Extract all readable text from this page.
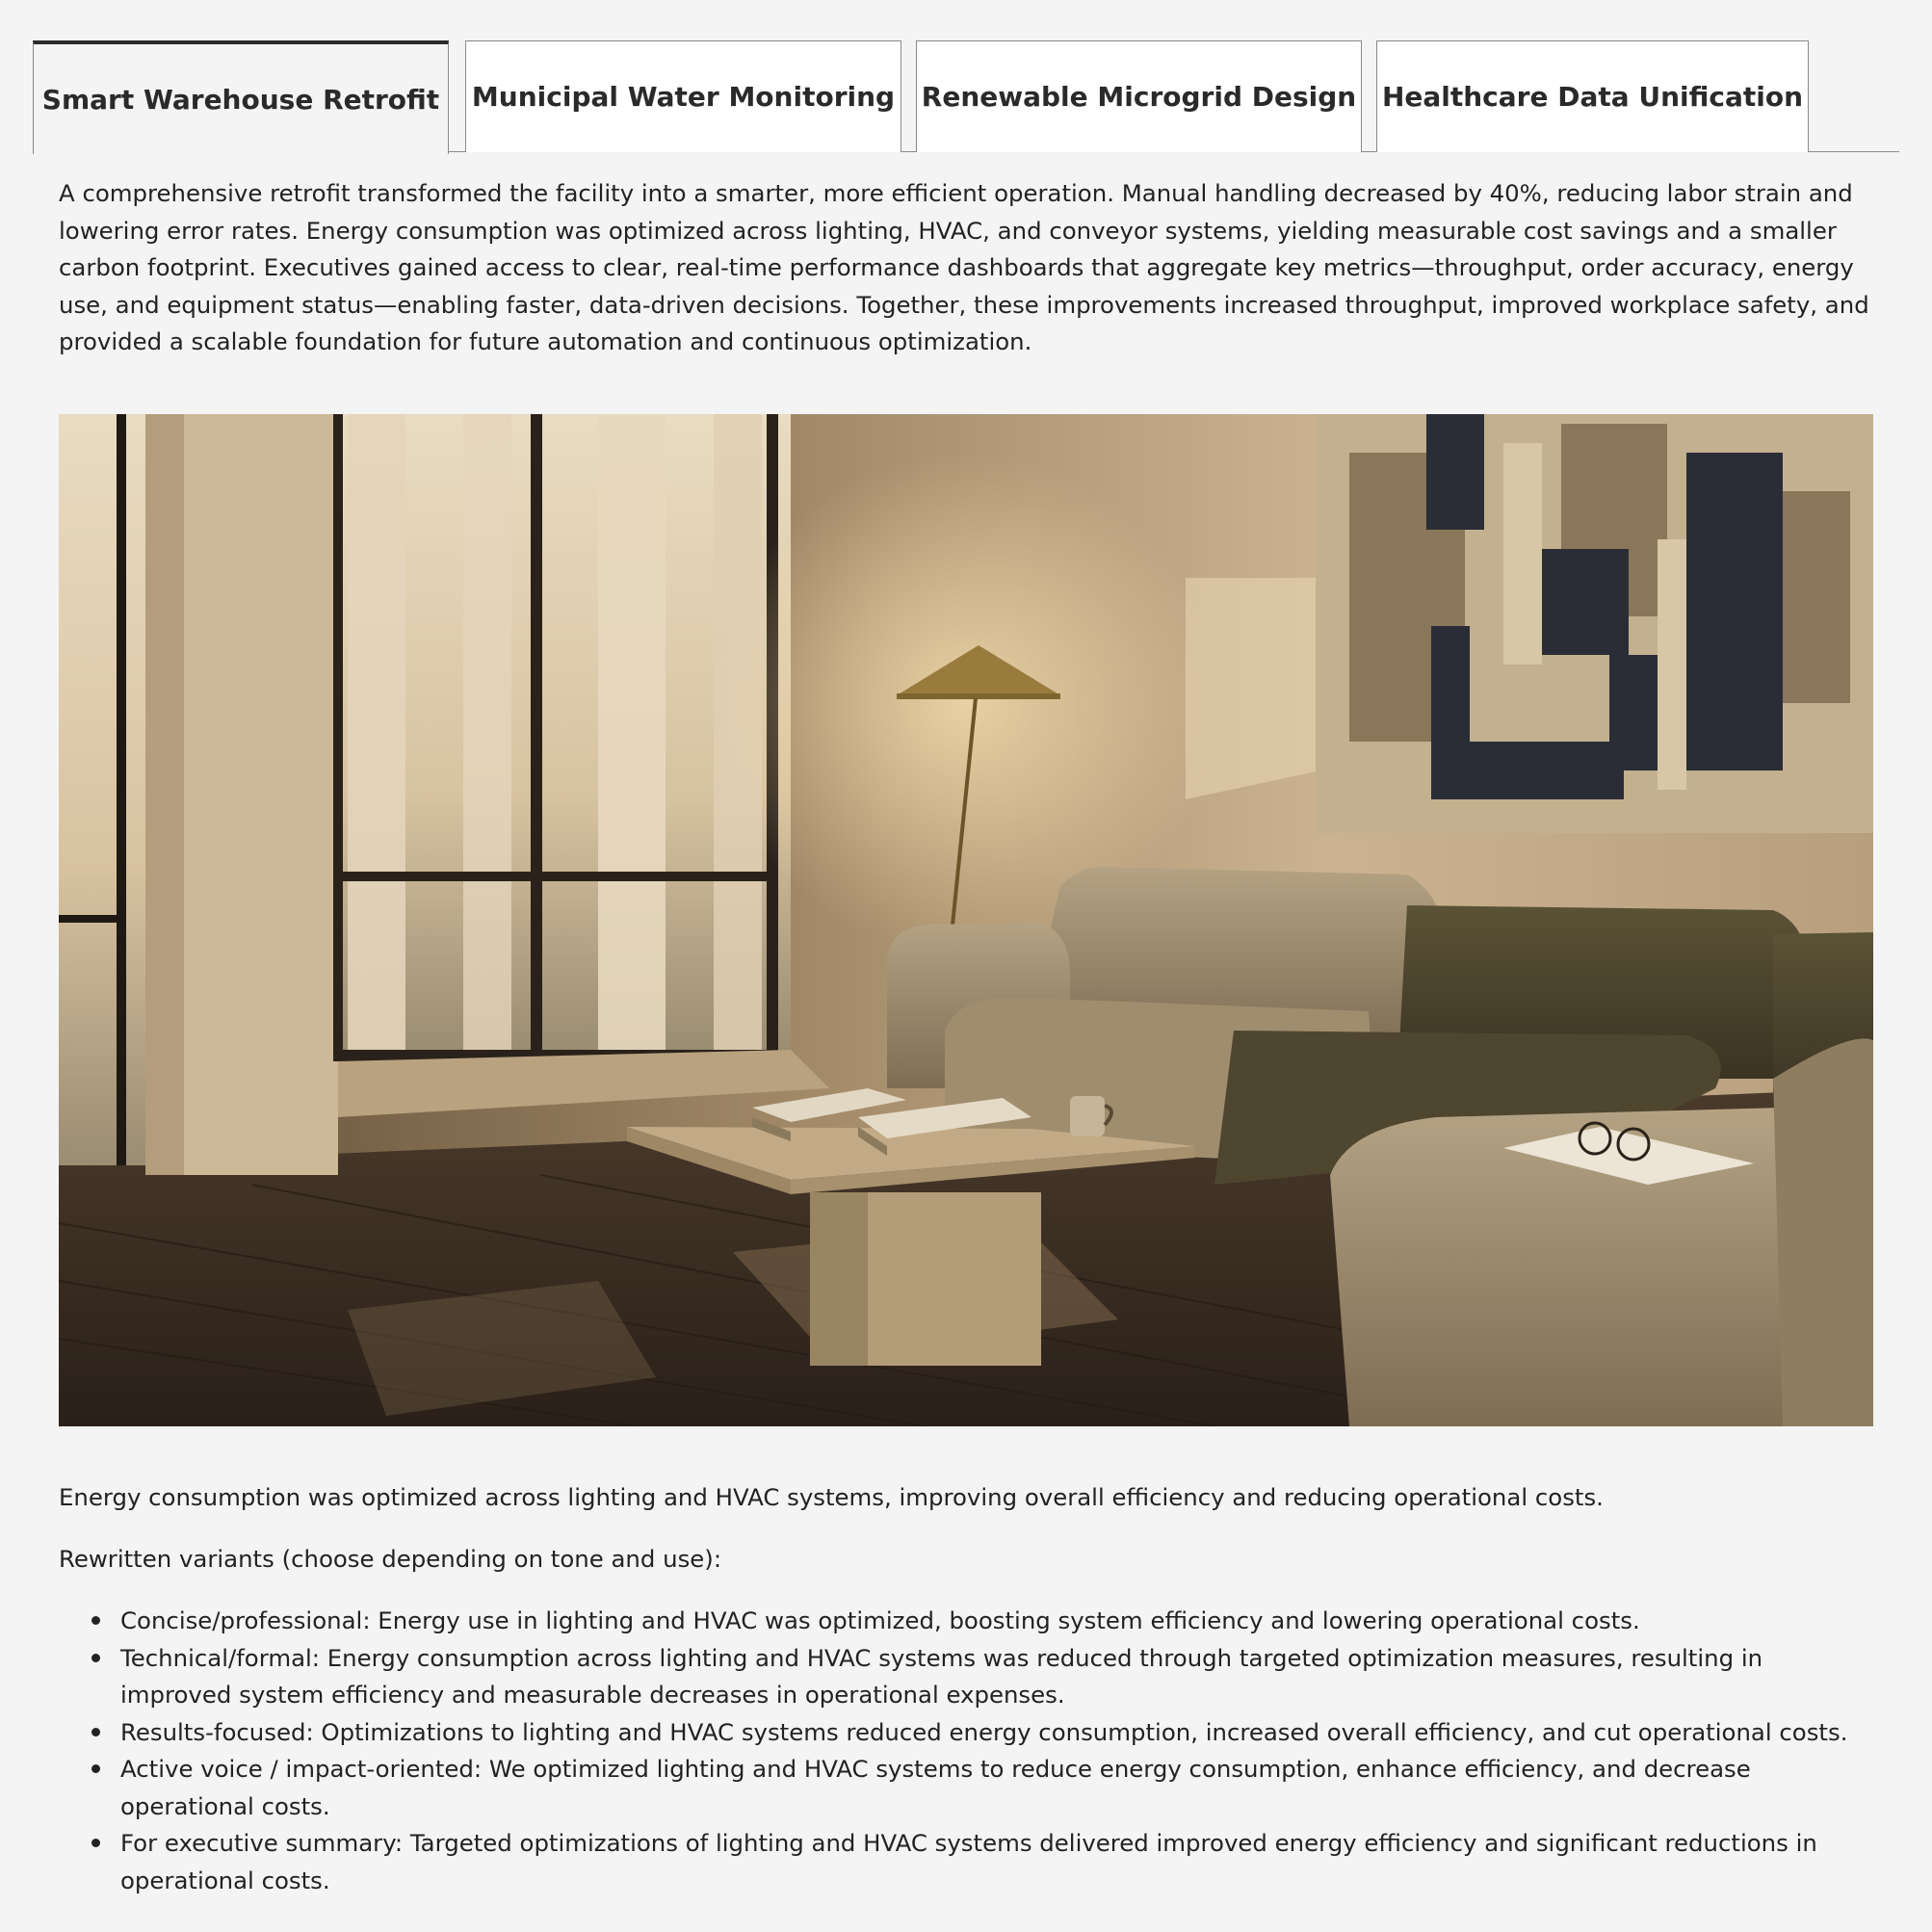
Smart Warehouse Retrofit Municipal Water Monitoring Renewable Microgrid Design Healthcare Data Unification

A comprehensive retrofit transformed the facility into a smarter, more efficient operation. Manual handling decreased by 40%, reducing labor strain and lowering error rates. Energy consumption was optimized across lighting, HVAC, and conveyor systems, yielding measurable cost savings and a smaller carbon footprint. Executives gained access to clear, real-time performance dashboards that aggregate key metrics—throughput, order accuracy, energy use, and equipment status—enabling faster, data-driven decisions. Together, these improvements increased throughput, improved workplace safety, and provided a scalable foundation for future automation and continuous optimization.

Energy consumption was optimized across lighting and HVAC systems, improving overall efficiency and reducing operational costs.

Rewritten variants (choose depending on tone and use):

Concise/professional: Energy use in lighting and HVAC was optimized, boosting system efficiency and lowering operational costs.
Technical/formal: Energy consumption across lighting and HVAC systems was reduced through targeted optimization measures, resulting in improved system efficiency and measurable decreases in operational expenses.
Results-focused: Optimizations to lighting and HVAC systems reduced energy consumption, increased overall efficiency, and cut operational costs.
Active voice / impact-oriented: We optimized lighting and HVAC systems to reduce energy consumption, enhance efficiency, and decrease operational costs.
For executive summary: Targeted optimizations of lighting and HVAC systems delivered improved energy efficiency and significant reductions in operational costs.
